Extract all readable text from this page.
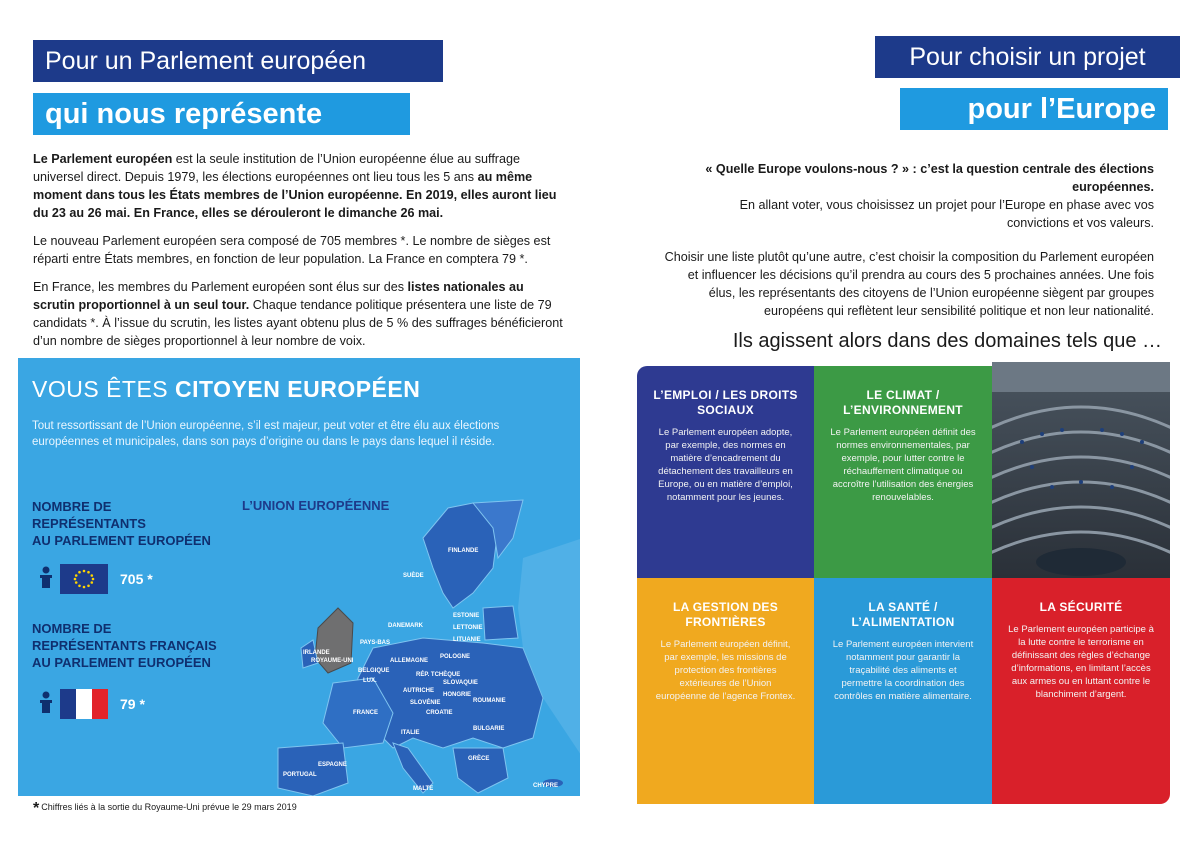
Pour un Parlement européen
qui nous représente
Le Parlement européen est la seule institution de l’Union européenne élue au suffrage universel direct. Depuis 1979, les élections européennes ont lieu tous les 5 ans au même moment dans tous les États membres de l’Union européenne. En 2019, elles auront lieu du 23 au 26 mai. En France, elles se dérouleront le dimanche 26 mai.
Le nouveau Parlement européen sera composé de 705 membres *. Le nombre de sièges est réparti entre États membres, en fonction de leur population. La France en comptera 79 *.
En France, les membres du Parlement européen sont élus sur des listes nationales au scrutin proportionnel à un seul tour. Chaque tendance politique présentera une liste de 79 candidats *. À l’issue du scrutin, les listes ayant obtenu plus de 5 % des suffrages bénéficieront d’un nombre de sièges proportionnel à leur nombre de voix.
VOUS ÊTES CITOYEN EUROPÉEN
Tout ressortissant de l’Union européenne, s’il est majeur, peut voter et être élu aux élections européennes et municipales, dans son pays d’origine ou dans le pays dans lequel il réside.
L’UNION EUROPÉENNE
FINLANDE
SUÈDE
ESTONIE
LETTONIE
LITUANIE
DANEMARK
IRLANDE
ROYAUME-UNI
PAYS-BAS
BELGIQUE
LUX.
ALLEMAGNE
POLOGNE
RÉP. TCHÈQUE
SLOVAQUIE
AUTRICHE
HONGRIE
SLOVÉNIE
CROATIE
ROUMANIE
FRANCE
ITALIE
BULGARIE
GRÈCE
ESPAGNE
PORTUGAL
MALTE	CHYPRE
NOMBRE DE
REPRÉSENTANTS
AU PARLEMENT EUROPÉEN
705 *
NOMBRE DE
REPRÉSENTANTS FRANÇAIS
AU PARLEMENT EUROPÉEN
79 *
* Chiffres liés à la sortie du Royaume-Uni prévue le 29 mars 2019
Pour choisir un projet
pour l’Europe
« Quelle Europe voulons-nous ? » : c’est la question centrale des élections européennes.
En allant voter, vous choisissez un projet pour l’Europe en phase avec vos convictions et vos valeurs.
Choisir une liste plutôt qu’une autre, c’est choisir la composition du Parlement européen et influencer les décisions qu’il prendra au cours des 5 prochaines années. Une fois élus, les représentants des citoyens de l’Union européenne siègent par groupes européens qui reflètent leur sensibilité politique et non leur nationalité.
Ils agissent alors dans des domaines tels que …
L’EMPLOI / LES DROITS SOCIAUX
Le Parlement européen adopte, par exemple, des normes en matière d’encadrement du détachement des travailleurs en Europe, ou en matière d’emploi, notamment pour les jeunes.
LE CLIMAT / L’ENVIRONNEMENT
Le Parlement européen définit des normes environnementales, par exemple, pour lutter contre le réchauffement climatique ou accroître l’utilisation des énergies renouvelables.
LA GESTION DES FRONTIÈRES
Le Parlement européen définit, par exemple, les missions de protection des frontières extérieures de l’Union européenne de l’agence Frontex.
LA SANTÉ / L’ALIMENTATION
Le Parlement européen intervient notamment pour garantir la traçabilité des aliments et permettre la coordination des contrôles en matière alimentaire.
LA SÉCURITÉ
Le Parlement européen participe à la lutte contre le terrorisme en définissant des règles d’échange d’informations, en limitant l’accès aux armes ou en luttant contre le blanchiment d’argent.
